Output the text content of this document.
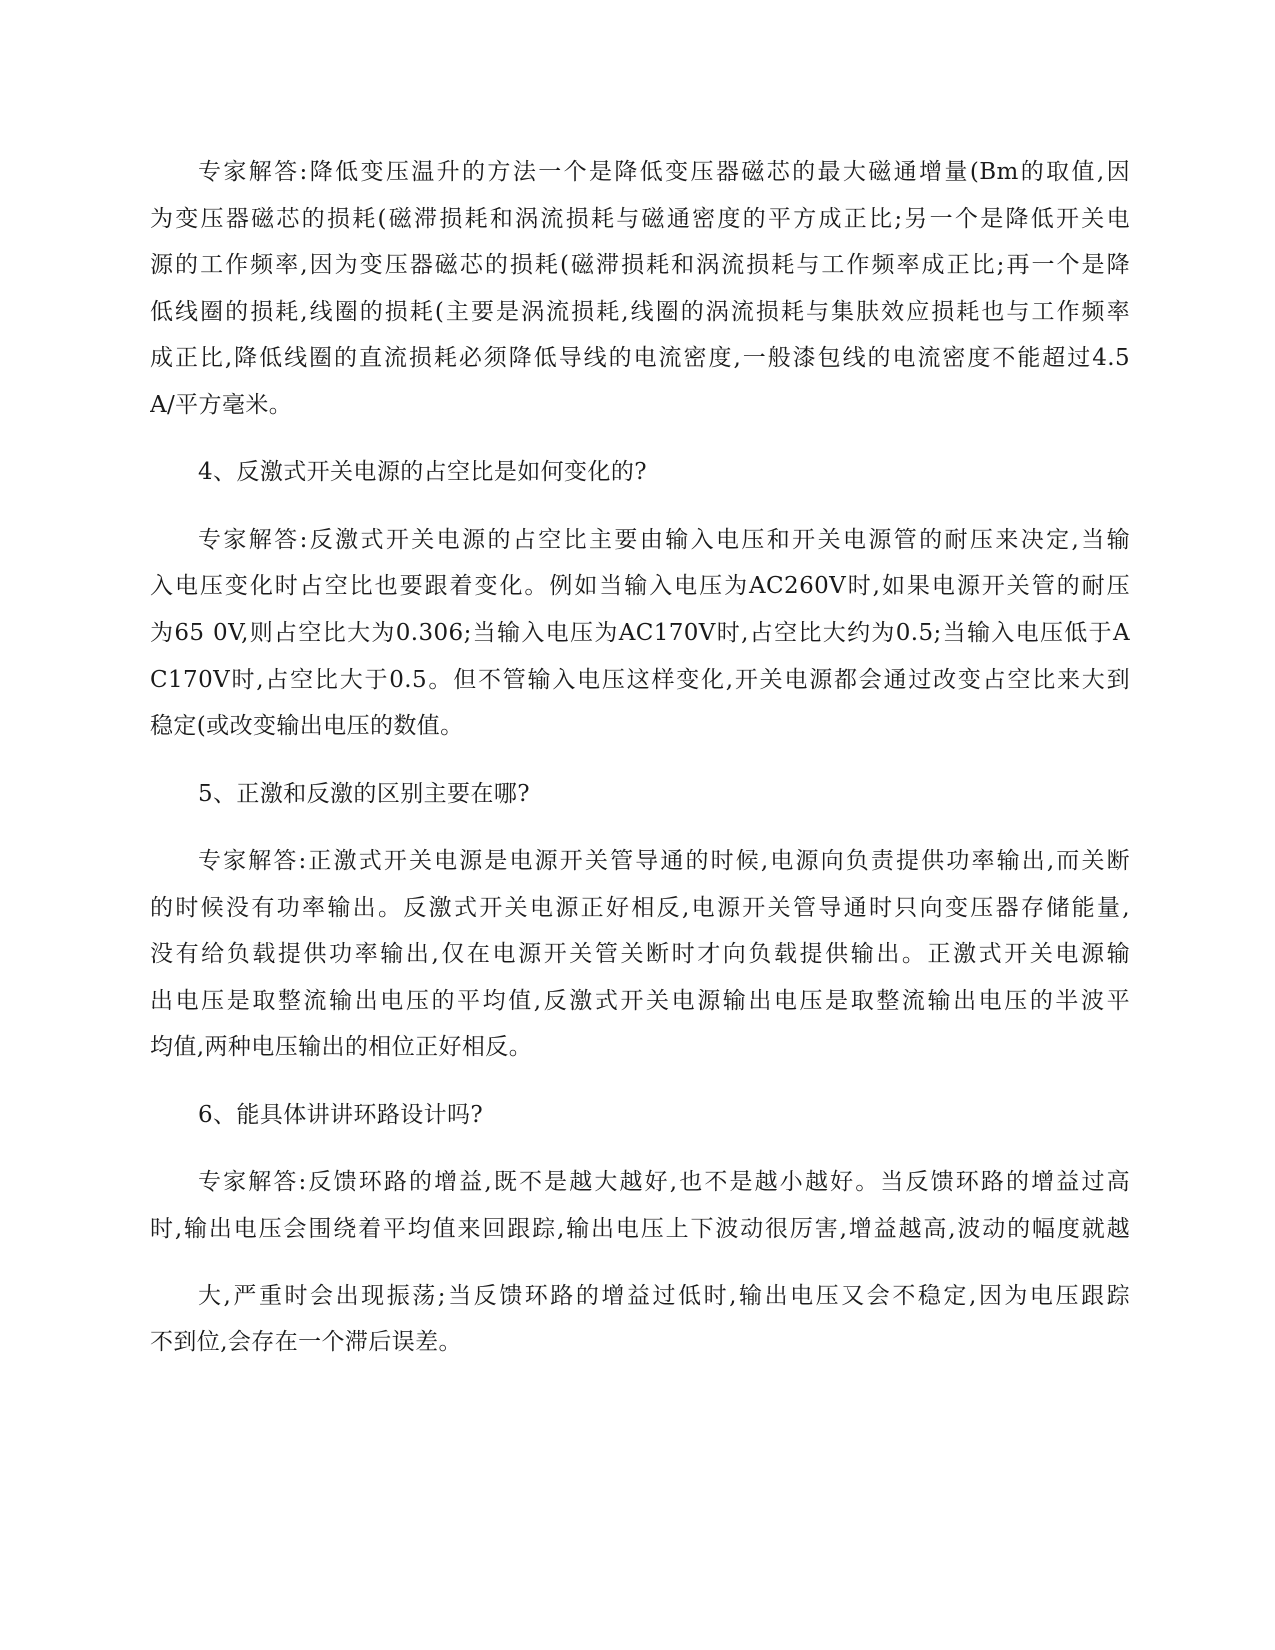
专家解答:降低变压温升的方法一个是降低变压器磁芯的最大磁通增量(Bm的取值,因
为变压器磁芯的损耗(磁滞损耗和涡流损耗与磁通密度的平方成正比;另一个是降低开关电
源的工作频率,因为变压器磁芯的损耗(磁滞损耗和涡流损耗与工作频率成正比;再一个是降
低线圈的损耗,线圈的损耗(主要是涡流损耗,线圈的涡流损耗与集肤效应损耗也与工作频率
成正比,降低线圈的直流损耗必须降低导线的电流密度,一般漆包线的电流密度不能超过4.5
A/平方毫米。
4、反激式开关电源的占空比是如何变化的?
专家解答:反激式开关电源的占空比主要由输入电压和开关电源管的耐压来决定,当输
入电压变化时占空比也要跟着变化。例如当输入电压为AC260V时,如果电源开关管的耐压
为65 0V,则占空比大为0.306;当输入电压为AC170V时,占空比大约为0.5;当输入电压低于A
C170V时,占空比大于0.5。但不管输入电压这样变化,开关电源都会通过改变占空比来大到
稳定(或改变输出电压的数值。
5、正激和反激的区别主要在哪?
专家解答:正激式开关电源是电源开关管导通的时候,电源向负责提供功率输出,而关断
的时候没有功率输出。反激式开关电源正好相反,电源开关管导通时只向变压器存储能量,
没有给负载提供功率输出,仅在电源开关管关断时才向负载提供输出。正激式开关电源输
出电压是取整流输出电压的平均值,反激式开关电源输出电压是取整流输出电压的半波平
均值,两种电压输出的相位正好相反。
6、能具体讲讲环路设计吗?
专家解答:反馈环路的增益,既不是越大越好,也不是越小越好。当反馈环路的增益过高
时,输出电压会围绕着平均值来回跟踪,输出电压上下波动很厉害,增益越高,波动的幅度就越
大,严重时会出现振荡;当反馈环路的增益过低时,输出电压又会不稳定,因为电压跟踪
不到位,会存在一个滞后误差。
